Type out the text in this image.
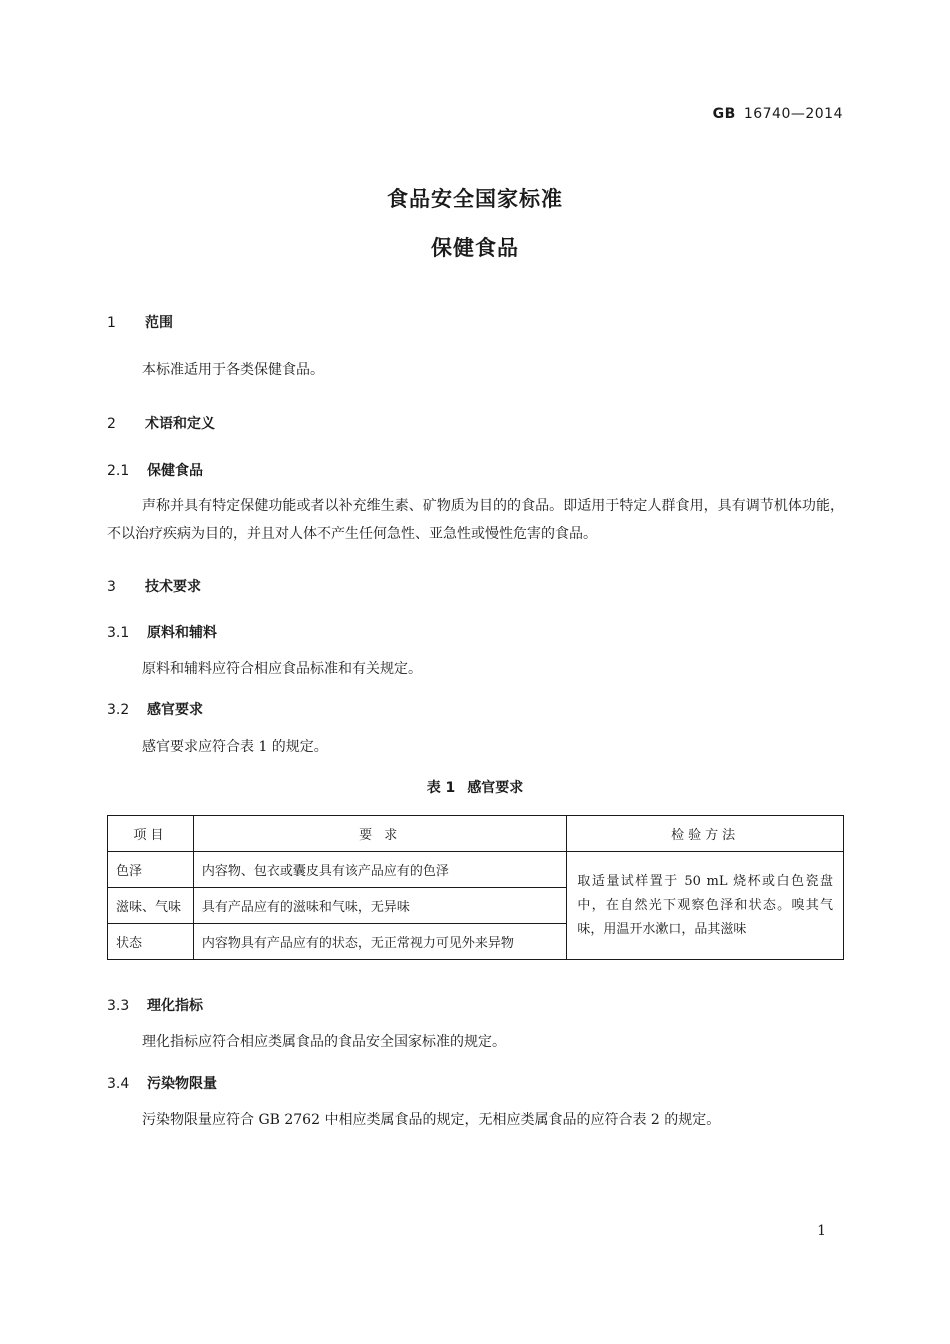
GB 16740—2014
食品安全国家标准
保健食品
1 范围
本标准适用于各类保健食品。
2 术语和定义
2.1 保健食品
声称并具有特定保健功能或者以补充维生素、矿物质为目的的食品。即适用于特定人群食用，具有调节机体功能，不以治疗疾病为目的，并且对人体不产生任何急性、亚急性或慢性危害的食品。
3 技术要求
3.1 原料和辅料
原料和辅料应符合相应食品标准和有关规定。
3.2 感官要求
感官要求应符合表 1 的规定。
表 1 感官要求
项目	要 求	检验方法
色泽	内容物、包衣或囊皮具有该产品应有的色泽	取适量试样置于 50 mL 烧杯或白色瓷盘中，在自然光下观察色泽和状态。嗅其气味，用温开水漱口，品其滋味
滋味、气味	具有产品应有的滋味和气味，无异味	
状态	内容物具有产品应有的状态，无正常视力可见外来异物	
3.3 理化指标
理化指标应符合相应类属食品的食品安全国家标准的规定。
3.4 污染物限量
污染物限量应符合 GB 2762 中相应类属食品的规定，无相应类属食品的应符合表 2 的规定。
1
